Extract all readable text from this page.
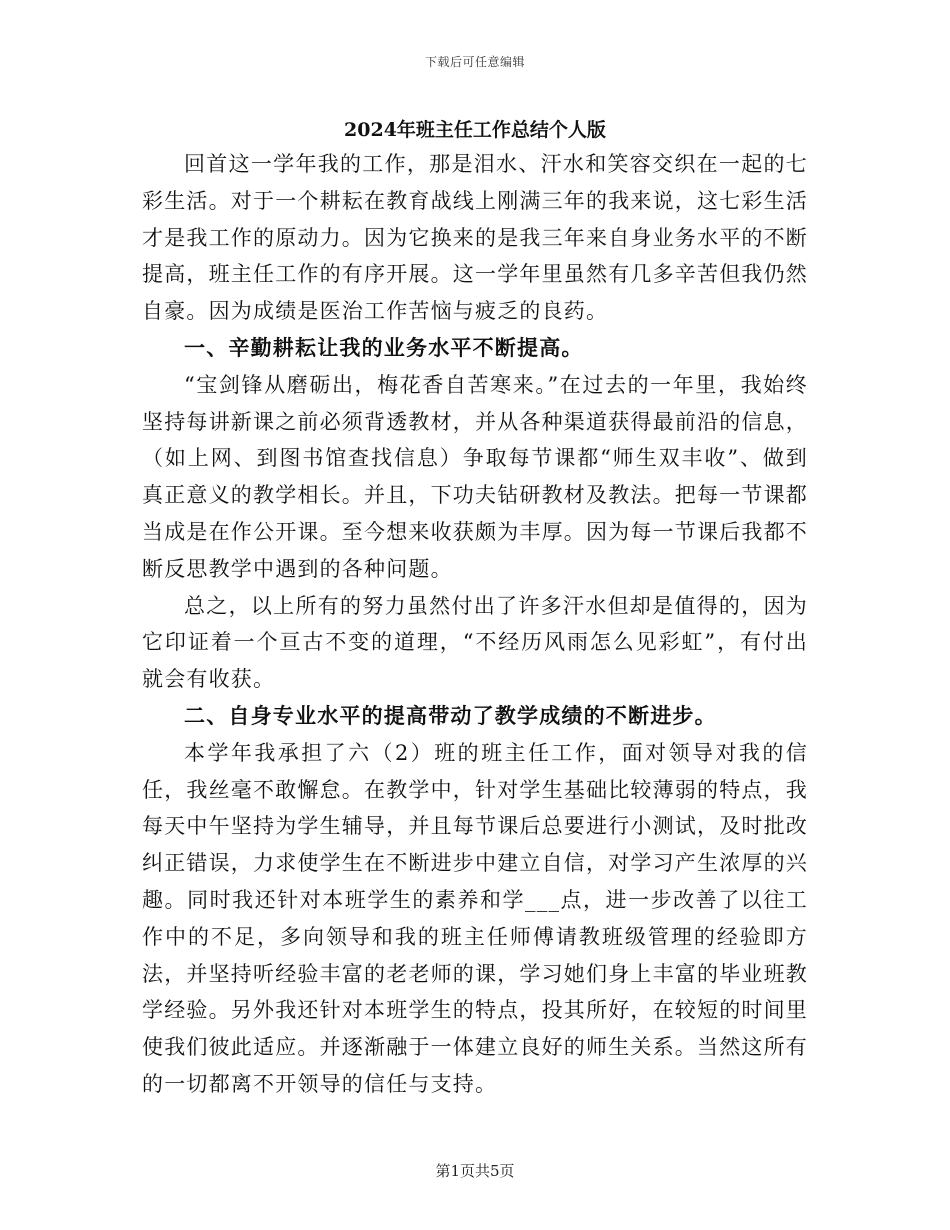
下载后可任意编辑
2024年班主任工作总结个人版

回首这一学年我的工作，那是泪水、汗水和笑容交织在一起的七彩生活。对于一个耕耘在教育战线上刚满三年的我来说，这七彩生活才是我工作的原动力。因为它换来的是我三年来自身业务水平的不断提高，班主任工作的有序开展。这一学年里虽然有几多辛苦但我仍然自豪。因为成绩是医治工作苦恼与疲乏的良药。

一、辛勤耕耘让我的业务水平不断提高。

“宝剑锋从磨砺出，梅花香自苦寒来。”在过去的一年里，我始终坚持每讲新课之前必须背透教材，并从各种渠道获得最前沿的信息，（如上网、到图书馆查找信息）争取每节课都“师生双丰收”、做到真正意义的教学相长。并且，下功夫钻研教材及教法。把每一节课都当成是在作公开课。至今想来收获颇为丰厚。因为每一节课后我都不断反思教学中遇到的各种问题。

总之，以上所有的努力虽然付出了许多汗水但却是值得的，因为它印证着一个亘古不变的道理，“不经历风雨怎么见彩虹”，有付出就会有收获。

二、自身专业水平的提高带动了教学成绩的不断进步。

本学年我承担了六（2）班的班主任工作，面对领导对我的信任，我丝毫不敢懈怠。在教学中，针对学生基础比较薄弱的特点，我每天中午坚持为学生辅导，并且每节课后总要进行小测试，及时批改纠正错误，力求使学生在不断进步中建立自信，对学习产生浓厚的兴趣。同时我还针对本班学生的素养和学___点，进一步改善了以往工作中的不足，多向领导和我的班主任师傅请教班级管理的经验即方法，并坚持听经验丰富的老老师的课，学习她们身上丰富的毕业班教学经验。另外我还针对本班学生的特点，投其所好，在较短的时间里使我们彼此适应。并逐渐融于一体建立良好的师生关系。当然这所有的一切都离不开领导的信任与支持。

第1页共5页
